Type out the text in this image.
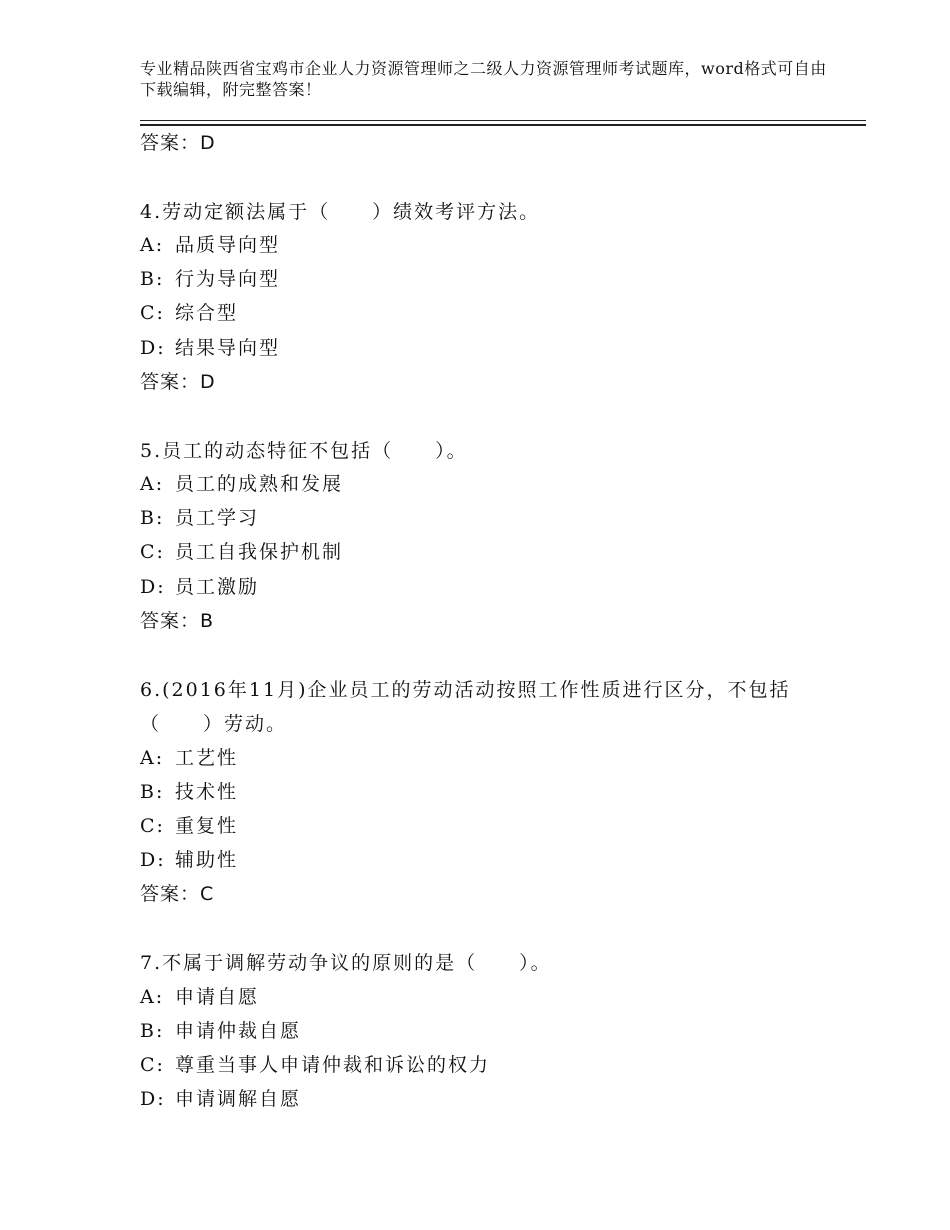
专业精品陕西省宝鸡市企业人力资源管理师之二级人力资源管理师考试题库，word格式可自由下载编辑，附完整答案！
答案：D
4.劳动定额法属于（　　）绩效考评方法。
A: 品质导向型
B: 行为导向型
C: 综合型
D: 结果导向型
答案：D
5.员工的动态特征不包括（　　）。
A: 员工的成熟和发展
B: 员工学习
C: 员工自我保护机制
D: 员工激励
答案：B
6.(2016年11月)企业员工的劳动活动按照工作性质进行区分，不包括（　　）劳动。
A: 工艺性
B: 技术性
C: 重复性
D: 辅助性
答案：C
7.不属于调解劳动争议的原则的是（　　）。
A: 申请自愿
B: 申请仲裁自愿
C: 尊重当事人申请仲裁和诉讼的权力
D: 申请调解自愿
